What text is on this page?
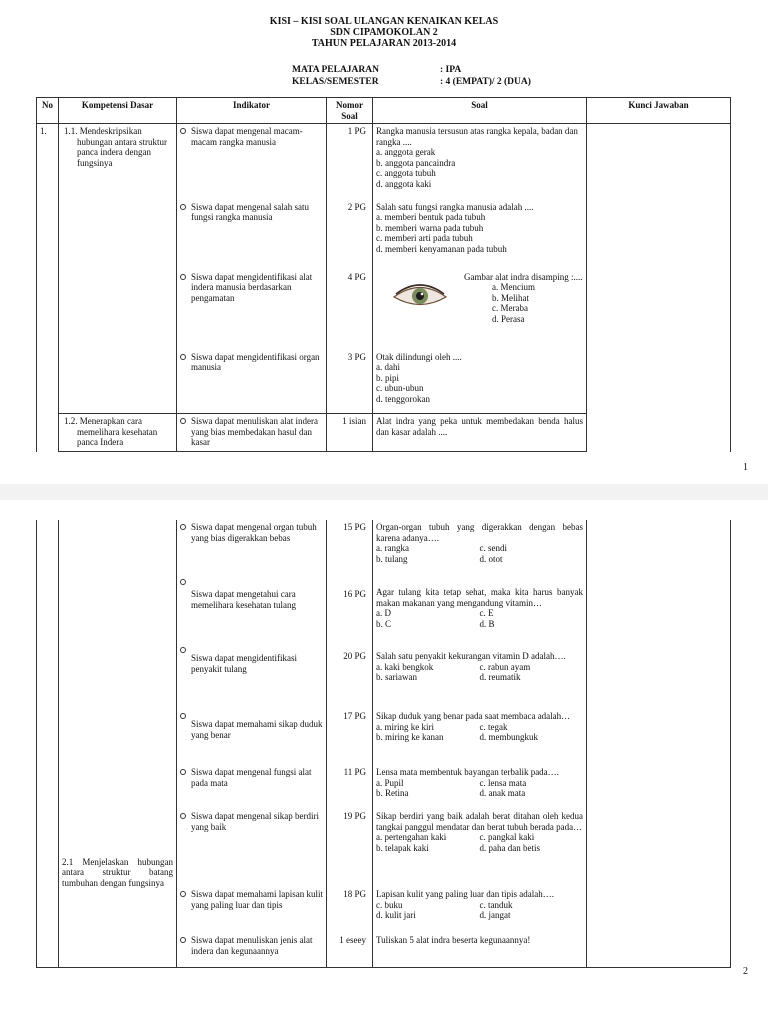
KISI – KISI SOAL ULANGAN KENAIKAN KELAS
SDN CIPAMOKOLAN 2
TAHUN PELAJARAN 2013-2014
MATA PELAJARAN	: IPA
KELAS/SEMESTER	: 4 (EMPAT)/ 2 (DUA)
No	Kompetensi Dasar	Indikator	Nomor Soal	Soal	Kunci Jawaban
1.	1.1. Mendeskripsikan hubungan antara struktur panca indera dengan fungsinya	Siswa dapat mengenal macam-macam rangka manusia	1 PG	Rangka manusia tersusun atas rangka kepala, badan dan rangka ....
a. anggota gerak
b. anggota pancaindra
c. anggota tubuh
d. anggota kaki	

		Siswa dapat mengenal salah satu fungsi rangka manusia	2 PG	Salah satu fungsi rangka manusia adalah ....
a. memberi bentuk pada tubuh
b. memberi warna pada tubuh
c. memberi arti pada tubuh
d. memberi kenyamanan pada tubuh	

		Siswa dapat mengidentifikasi alat indera manusia berdasarkan pengamatan	4 PG	Gambar alat indra disamping :....
a. Mencium
b. Melihat
c. Meraba
d. Perasa	

		Siswa dapat mengidentifikasi organ manusia	3 PG	Otak dilindungi oleh ....
a. dahi
b. pipi
c. ubun-ubun
d. tenggorokan	

	1.2. Menerapkan cara memelihara kesehatan panca Indera	Siswa dapat menuliskan alat indera yang bias membedakan hasul dan kasar	1 isian	Alat indra yang peka untuk membedakan benda halus dan kasar adalah ....	
1
	2.1 Menjelaskan hubungan antara struktur batang tumbuhan dengan fungsinya	Siswa dapat mengenal organ tubuh yang bias digerakkan bebas	15 PG	Organ-organ tubuh yang digerakkan dengan bebas karena adanya….
a. rangka c. sendi
b. tulang d. otot	

		Siswa dapat mengetahui cara memelihara kesehatan tulang	16 PG	Agar tulang kita tetap sehat, maka kita harus banyak makan makanan yang mengandung vitamin…
a. D c. E
b. C d. B	

		Siswa dapat mengidentifikasi penyakit tulang	20 PG	Salah satu penyakit kekurangan vitamin D adalah….
a. kaki bengkok c. rabun ayam
b. sariawan d. reumatik	

		Siswa dapat memahami sikap duduk yang benar	17 PG	Sikap duduk yang benar pada saat membaca adalah…
a. miring ke kiri c. tegak
b. miring ke kanan d. membungkuk	

		Siswa dapat mengenal fungsi alat pada mata	11 PG	Lensa mata membentuk bayangan terbalik pada….
a. Pupil c. lensa mata
b. Retina d. anak mata	

		Siswa dapat mengenal sikap berdiri yang baik	19 PG	Sikap berdiri yang baik adalah berat ditahan oleh kedua tangkai panggul mendatar dan berat tubuh berada pada…
a. pertengahan kaki c. pangkal kaki
b. telapak kaki d. paha dan betis	

		Siswa dapat memahami lapisan kulit yang paling luar dan tipis	18 PG	Lapisan kulit yang paling luar dan tipis adalah….
c. buku c. tanduk
d. kulit jari d. jangat	

		Siswa dapat menuliskan jenis alat indera dan kegunaannya	1 eseey	Tuliskan 5 alat indra beserta kegunaannya!	

2
